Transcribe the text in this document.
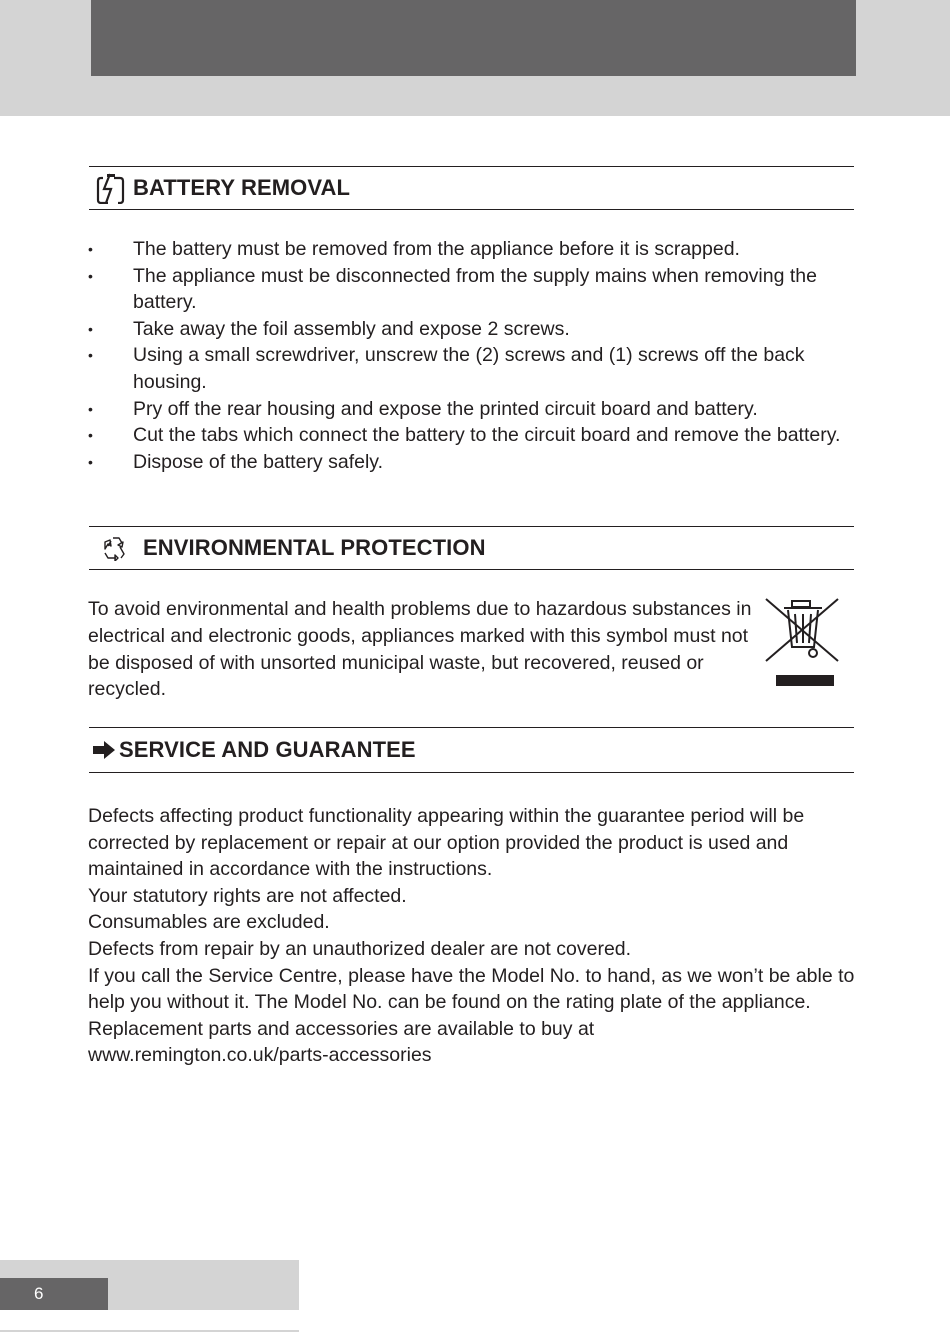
BATTERY REMOVAL
• The battery must be removed from the appliance before it is scrapped.
• The appliance must be disconnected from the supply mains when removing the battery.
• Take away the foil assembly and expose 2 screws.
• Using a small screwdriver, unscrew the (2) screws and (1) screws off the back housing.
• Pry off the rear housing and expose the printed circuit board and battery.
• Cut the tabs which connect the battery to the circuit board and remove the battery.
• Dispose of the battery safely.
ENVIRONMENTAL PROTECTION

To avoid environmental and health problems due to hazardous substances in electrical and electronic goods, appliances marked with this symbol must not be disposed of with unsorted municipal waste, but recovered, reused or recycled.

SERVICE AND GUARANTEE

Defects affecting product functionality appearing within the guarantee period will be corrected by replacement or repair at our option provided the product is used and maintained in accordance with the instructions.

Your statutory rights are not affected.

Consumables are excluded.

Defects from repair by an unauthorized dealer are not covered.

If you call the Service Centre, please have the Model No. to hand, as we won’t be able to help you without it. The Model No. can be found on the rating plate of the appliance.

Replacement parts and accessories are available to buy at

www.remington.co.uk/parts-accessories

6
